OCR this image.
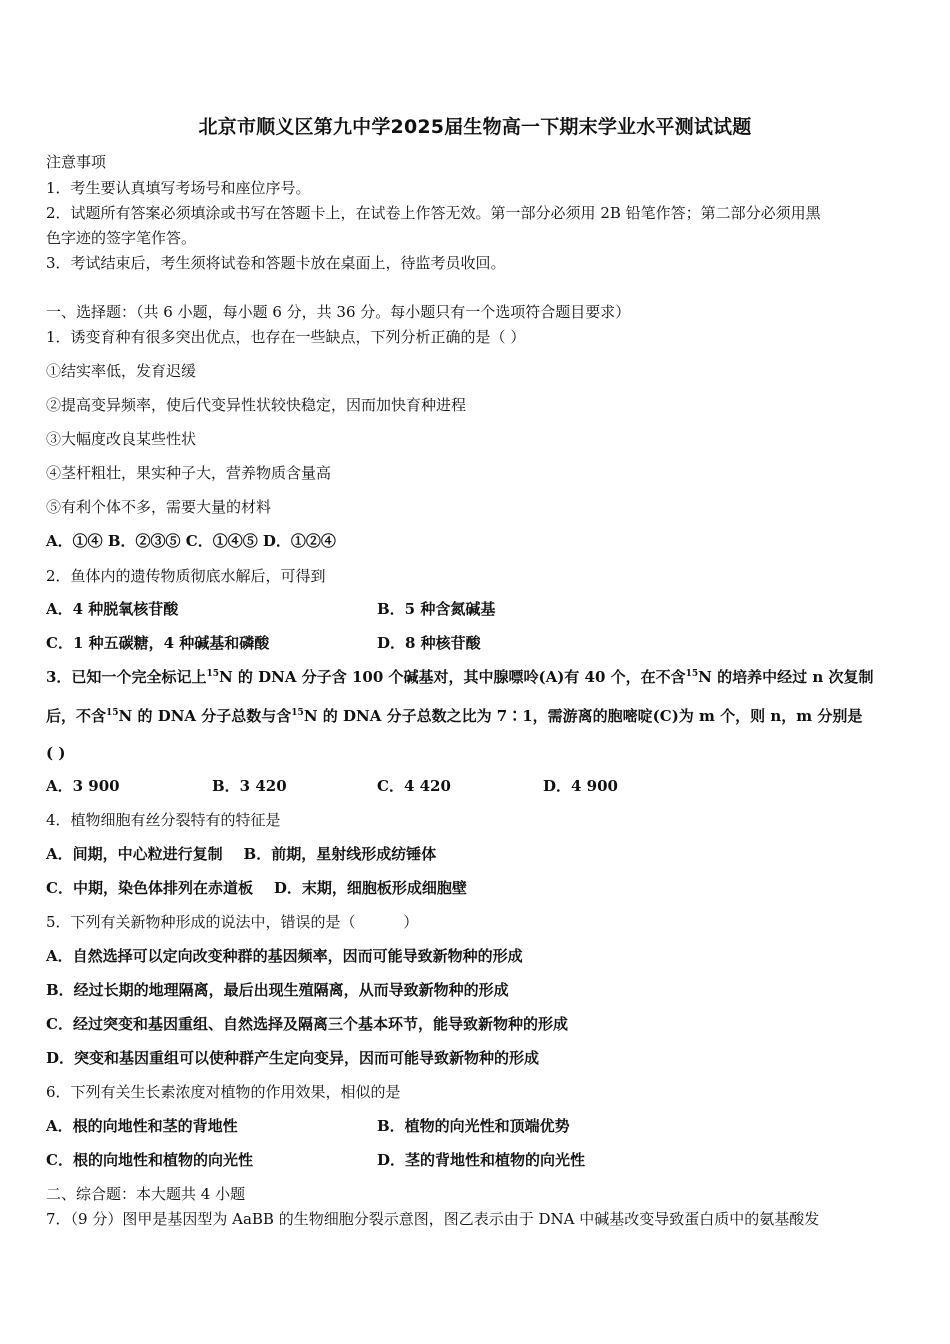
北京市顺义区第九中学2025届生物高一下期末学业水平测试试题
注意事项
1．考生要认真填写考场号和座位序号。
2．试题所有答案必须填涂或书写在答题卡上，在试卷上作答无效。第一部分必须用 2B 铅笔作答；第二部分必须用黑
色字迹的签字笔作答。
3．考试结束后，考生须将试卷和答题卡放在桌面上，待监考员收回。
一、选择题：（共 6 小题，每小题 6 分，共 36 分。每小题只有一个选项符合题目要求）
1．诱变育种有很多突出优点，也存在一些缺点，下列分析正确的是（ ）
①结实率低，发育迟缓
②提高变异频率，使后代变异性状较快稳定，因而加快育种进程
③大幅度改良某些性状
④茎杆粗壮，果实种子大，营养物质含量高
⑤有利个体不多，需要大量的材料
A．①④ B．②③⑤ C．①④⑤ D．①②④
2．鱼体内的遗传物质彻底水解后，可得到
A．4 种脱氧核苷酸	B．5 种含氮碱基
C．1 种五碳糖，4 种碱基和磷酸	D．8 种核苷酸
3．已知一个完全标记上$^{15}$N 的 DNA 分子含 100 个碱基对，其中腺嘌呤(A)有 40 个，在不含$^{15}$N 的培养中经过 n 次复制
后，不含$^{15}$N 的 DNA 分子总数与含$^{15}$N 的 DNA 分子总数之比为 7∶1，需游离的胞嘧啶(C)为 m 个，则 n，m 分别是
( )
A．3 900	B．3 420	C．4 420	D．4 900
4．植物细胞有丝分裂特有的特征是
A．间期，中心粒进行复制    B．前期，星射线形成纺锤体
C．中期，染色体排列在赤道板    D．末期，细胞板形成细胞壁
5．下列有关新物种形成的说法中，错误的是（          ）
A．自然选择可以定向改变种群的基因频率，因而可能导致新物种的形成
B．经过长期的地理隔离，最后出现生殖隔离，从而导致新物种的形成
C．经过突变和基因重组、自然选择及隔离三个基本环节，能导致新物种的形成
D．突变和基因重组可以使种群产生定向变异，因而可能导致新物种的形成
6．下列有关生长素浓度对植物的作用效果，相似的是
A．根的向地性和茎的背地性	B．植物的向光性和顶端优势
C．根的向地性和植物的向光性	D．茎的背地性和植物的向光性
二、综合题：本大题共 4 小题
7．（9 分）图甲是基因型为 AaBB 的生物细胞分裂示意图，图乙表示由于 DNA 中碱基改变导致蛋白质中的氨基酸发
